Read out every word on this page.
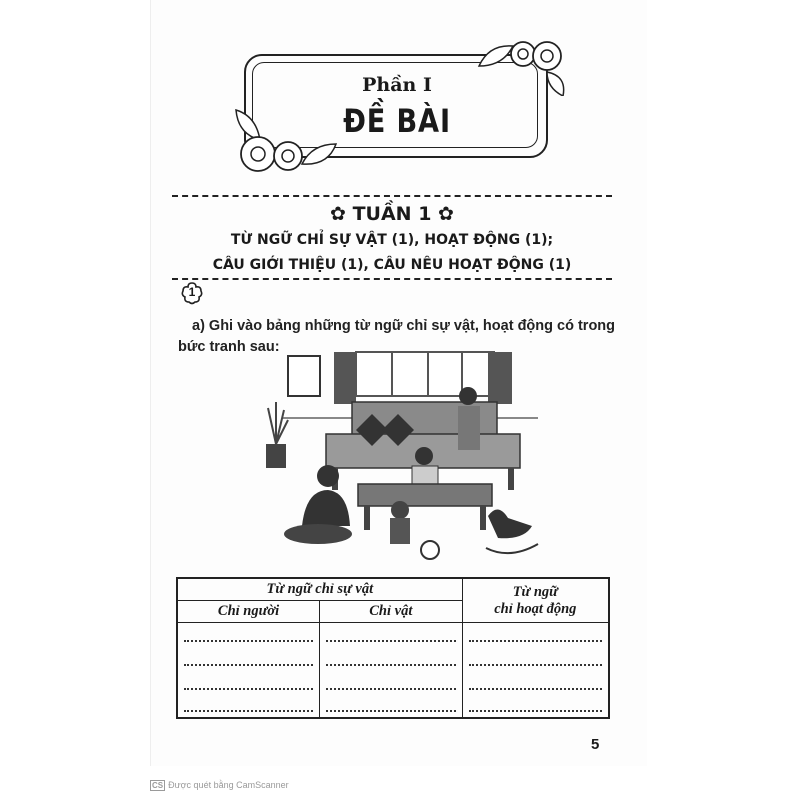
Phần I
ĐỀ BÀI
✿ TUẦN 1 ✿
TỪ NGỮ CHỈ SỰ VẬT (1), HOẠT ĐỘNG (1);
CÂU GIỚI THIỆU (1), CÂU NÊU HOẠT ĐỘNG (1)
1
a) Ghi vào bảng những từ ngữ chỉ sự vật, hoạt động có trong bức tranh sau:
Từ ngữ chỉ sự vật		Từ ngữ
chỉ hoạt động

Chỉ người	Chỉ vật	

5
CS Được quét bằng CamScanner
